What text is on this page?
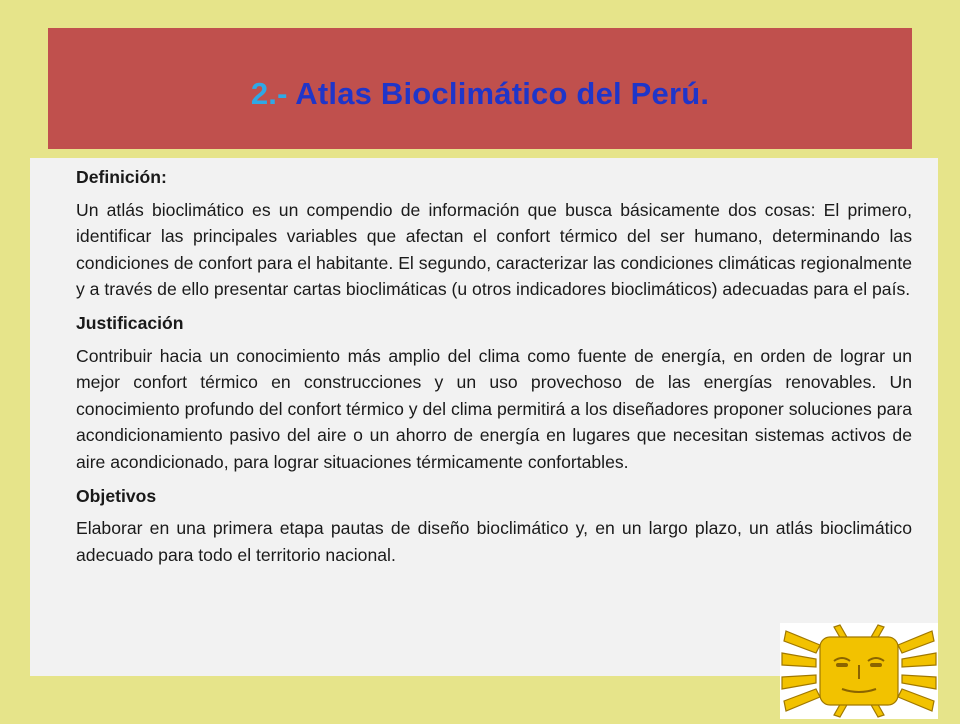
2.- Atlas Bioclimático del Perú.
Definición:
Un atlás bioclimático es un compendio de información que busca básicamente dos cosas: El primero, identificar las principales variables que afectan el confort térmico del ser humano, determinando las condiciones de confort para el habitante. El segundo, caracterizar las condiciones climáticas regionalmente y a través de ello presentar cartas bioclimáticas (u otros indicadores bioclimáticos) adecuadas para el país.
Justificación
Contribuir hacia un conocimiento más amplio del clima como fuente de energía, en orden de lograr un mejor confort térmico en construcciones y un uso provechoso de las energías renovables. Un conocimiento profundo del confort térmico y del clima permitirá a los diseñadores proponer soluciones para acondicionamiento pasivo del aire o un ahorro de energía en lugares que necesitan sistemas activos de aire acondicionado, para lograr situaciones térmicamente confortables.
Objetivos
Elaborar en una primera etapa pautas de diseño bioclimático y, en un largo plazo, un atlás bioclimático adecuado para todo el territorio nacional.
